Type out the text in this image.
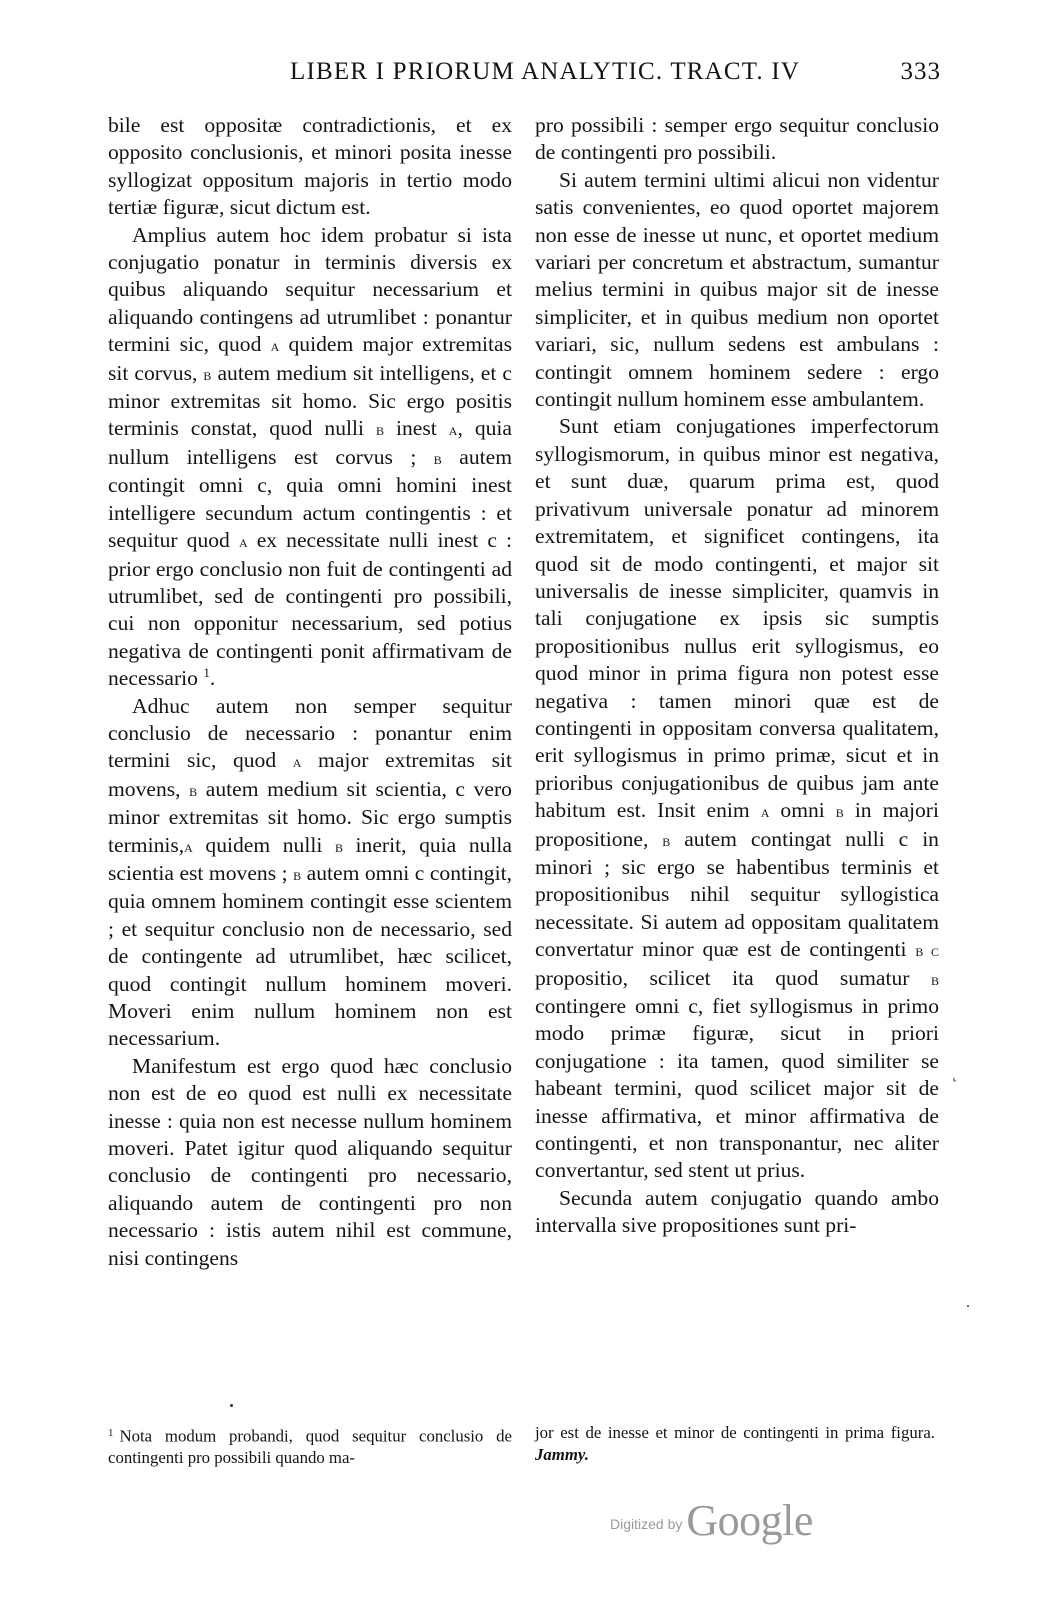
LIBER I PRIORUM ANALYTIC. TRACT. IV	333

bile est oppositæ contradictionis, et ex opposito conclusionis, et minori posita inesse syllogizat oppositum majoris in tertio modo tertiæ figuræ, sicut dictum est.

Amplius autem hoc idem probatur si ista conjugatio ponatur in terminis diversis ex quibus aliquando sequitur necessarium et aliquando contingens ad utrumlibet : ponantur termini sic, quod a quidem major extremitas sit corvus, b autem medium sit intelligens, et c minor extremitas sit homo. Sic ergo positis terminis constat, quod nulli b inest a, quia nullum intelligens est corvus ; b autem contingit omni c, quia omni homini inest intelligere secundum actum contingentis : et sequitur quod a ex necessitate nulli inest c : prior ergo conclusio non fuit de contingenti ad utrumlibet, sed de contingenti pro possibili, cui non opponitur necessarium, sed potius negativa de contingenti ponit affirmativam de necessario $^1$.

Adhuc autem non semper sequitur conclusio de necessario : ponantur enim termini sic, quod a major extremitas sit movens, b autem medium sit scientia, c vero minor extremitas sit homo. Sic ergo sumptis terminis,a quidem nulli b inerit, quia nulla scientia est movens ; b autem omni c contingit, quia omnem hominem contingit esse scientem ; et sequitur conclusio non de necessario, sed de contingente ad utrumlibet, hæc scilicet, quod contingit nullum hominem moveri. Moveri enim nullum hominem non est necessarium.

Manifestum est ergo quod hæc conclusio non est de eo quod est nulli ex necessitate inesse : quia non est necesse nullum hominem moveri. Patet igitur quod aliquando sequitur conclusio de contingenti pro necessario, aliquando autem de contingenti pro non necessario : istis autem nihil est commune, nisi contingens

pro possibili : semper ergo sequitur conclusio de contingenti pro possibili.

Si autem termini ultimi alicui non videntur satis convenientes, eo quod oportet majorem non esse de inesse ut nunc, et oportet medium variari per concretum et abstractum, sumantur melius termini in quibus major sit de inesse simpliciter, et in quibus medium non oportet variari, sic, nullum sedens est ambulans : contingit omnem hominem sedere : ergo contingit nullum hominem esse ambulantem.

Sunt etiam conjugationes imperfectorum syllogismorum, in quibus minor est negativa, et sunt duæ, quarum prima est, quod privativum universale ponatur ad minorem extremitatem, et significet contingens, ita quod sit de modo contingenti, et major sit universalis de inesse simpliciter, quamvis in tali conjugatione ex ipsis sic sumptis propositionibus nullus erit syllogismus, eo quod minor in prima figura non potest esse negativa : tamen minori quæ est de contingenti in oppositam conversa qualitatem, erit syllogismus in primo primæ, sicut et in prioribus conjugationibus de quibus jam ante habitum est. Insit enim a omni b in majori propositione, b autem contingat nulli c in minori ; sic ergo se habentibus terminis et propositionibus nihil sequitur syllogistica necessitate. Si autem ad oppositam qualitatem convertatur minor quæ est de contingenti b c propositio, scilicet ita quod sumatur b contingere omni c, fiet syllogismus in primo modo primæ figuræ, sicut in priori conjugatione : ita tamen, quod similiter se habeant termini, quod scilicet major sit de inesse affirmativa, et minor affirmativa de contingenti, et non transponantur, nec aliter convertantur, sed stent ut prius.

Secunda autem conjugatio quando ambo intervalla sive propositiones sunt pri-

˛
·
$^1$ Nota modum probandi, quod sequitur conclusio de contingenti pro possibili quando ma-
jor est de inesse et minor de contingenti in prima figura. Jammy.
Digitized byGoogle
